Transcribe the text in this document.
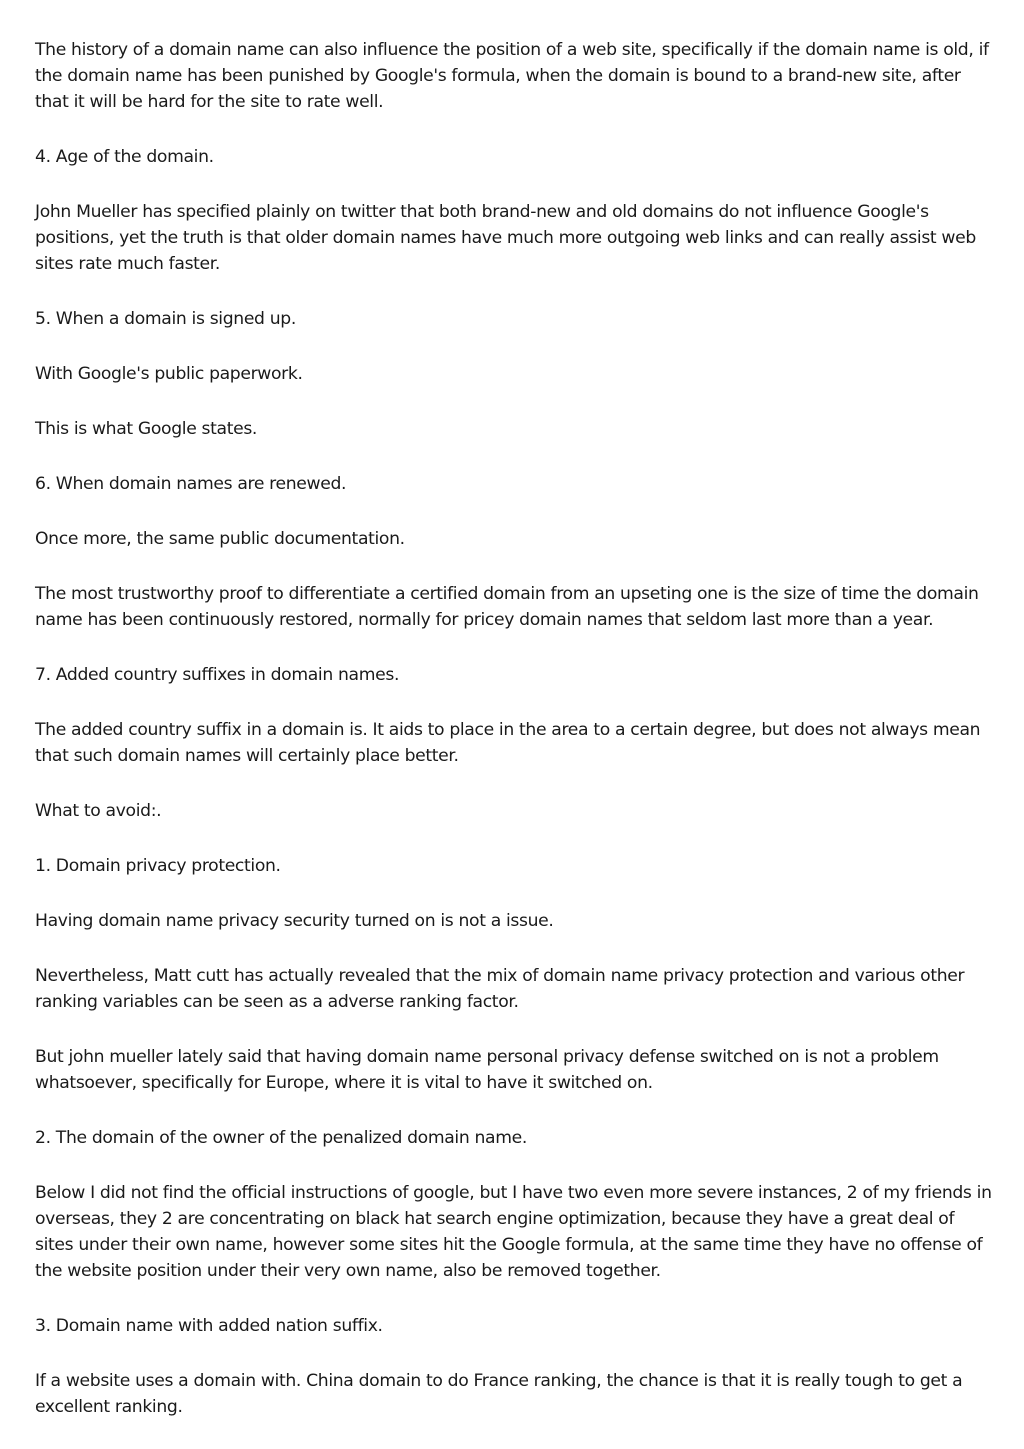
The history of a domain name can also influence the position of a web site, specifically if the domain name is old, if the domain name has been punished by Google's formula, when the domain is bound to a brand-new site, after that it will be hard for the site to rate well.

4. Age of the domain.

John Mueller has specified plainly on twitter that both brand-new and old domains do not influence Google's positions, yet the truth is that older domain names have much more outgoing web links and can really assist web sites rate much faster.

5. When a domain is signed up.

With Google's public paperwork.

This is what Google states.

6. When domain names are renewed.

Once more, the same public documentation.

The most trustworthy proof to differentiate a certified domain from an upseting one is the size of time the domain name has been continuously restored, normally for pricey domain names that seldom last more than a year.

7. Added country suffixes in domain names.

The added country suffix in a domain is. It aids to place in the area to a certain degree, but does not always mean that such domain names will certainly place better.

What to avoid:.

1. Domain privacy protection.

Having domain name privacy security turned on is not a issue.

Nevertheless, Matt cutt has actually revealed that the mix of domain name privacy protection and various other ranking variables can be seen as a adverse ranking factor.

But john mueller lately said that having domain name personal privacy defense switched on is not a problem whatsoever, specifically for Europe, where it is vital to have it switched on.

2. The domain of the owner of the penalized domain name.

Below I did not find the official instructions of google, but I have two even more severe instances, 2 of my friends in overseas, they 2 are concentrating on black hat search engine optimization, because they have a great deal of sites under their own name, however some sites hit the Google formula, at the same time they have no offense of the website position under their very own name, also be removed together.

3. Domain name with added nation suffix.

If a website uses a domain with. China domain to do France ranking, the chance is that it is really tough to get a excellent ranking.
